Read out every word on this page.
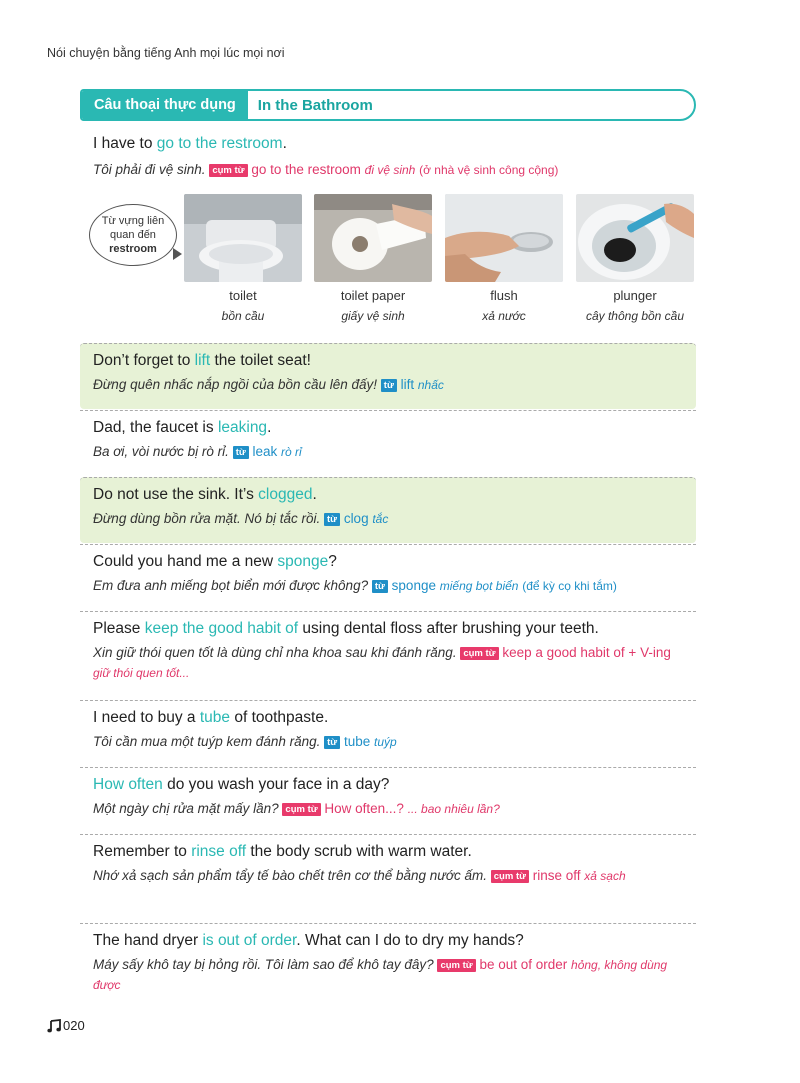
Nói chuyện bằng tiếng Anh mọi lúc mọi nơi
Câu thoại thực dụng	In the Bathroom
I have to go to the restroom.
Tôi phải đi vệ sinh. cụm từ go to the restroom đi vệ sinh (ở nhà vệ sinh công cộng)
Từ vựng liên
quan đến
restroom
toilet
bồn cầu
toilet paper
giấy vệ sinh
flush
xả nước
plunger
cây thông bồn cầu
Don’t forget to lift the toilet seat!
Đừng quên nhấc nắp ngồi của bồn cầu lên đấy! từ lift nhấc
Dad, the faucet is leaking.
Ba ơi, vòi nước bị rò rỉ. từ leak rò rỉ
Do not use the sink. It’s clogged.
Đừng dùng bồn rửa mặt. Nó bị tắc rồi. từ clog tắc
Could you hand me a new sponge?
Em đưa anh miếng bọt biển mới được không? từ sponge miếng bọt biển (để kỳ cọ khi tắm)
Please keep the good habit of using dental floss after brushing your teeth.
Xin giữ thói quen tốt là dùng chỉ nha khoa sau khi đánh răng. cụm từ keep a good habit of + V-ing giữ thói quen tốt...
I need to buy a tube of toothpaste.
Tôi cần mua một tuýp kem đánh răng. từ tube tuýp
How often do you wash your face in a day?
Một ngày chị rửa mặt mấy lần? cụm từ How often...? ... bao nhiêu lần?
Remember to rinse off the body scrub with warm water.
Nhớ xả sạch sản phẩm tẩy tế bào chết trên cơ thể bằng nước ấm. cụm từ rinse off xả sạch
The hand dryer is out of order. What can I do to dry my hands?
Máy sấy khô tay bị hỏng rồi. Tôi làm sao để khô tay đây? cụm từ be out of order hỏng, không dùng được
020
